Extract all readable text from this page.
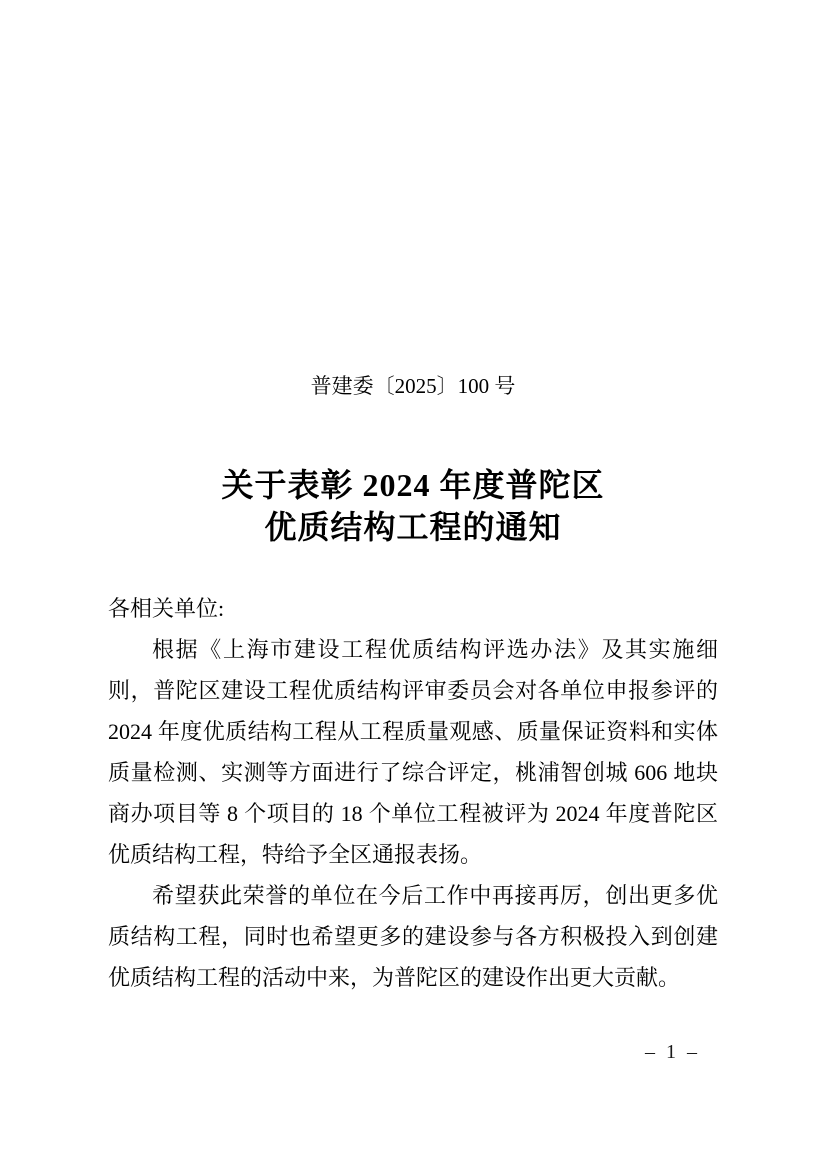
普建委〔2025〕100 号
关于表彰 2024 年度普陀区
优质结构工程的通知

各相关单位:

根据《上海市建设工程优质结构评选办法》及其实施细则，普陀区建设工程优质结构评审委员会对各单位申报参评的 2024 年度优质结构工程从工程质量观感、质量保证资料和实体质量检测、实测等方面进行了综合评定，桃浦智创城 606 地块商办项目等 8 个项目的 18 个单位工程被评为 2024 年度普陀区优质结构工程，特给予全区通报表扬。

希望获此荣誉的单位在今后工作中再接再厉，创出更多优质结构工程，同时也希望更多的建设参与各方积极投入到创建优质结构工程的活动中来，为普陀区的建设作出更大贡献。

– 1 –
